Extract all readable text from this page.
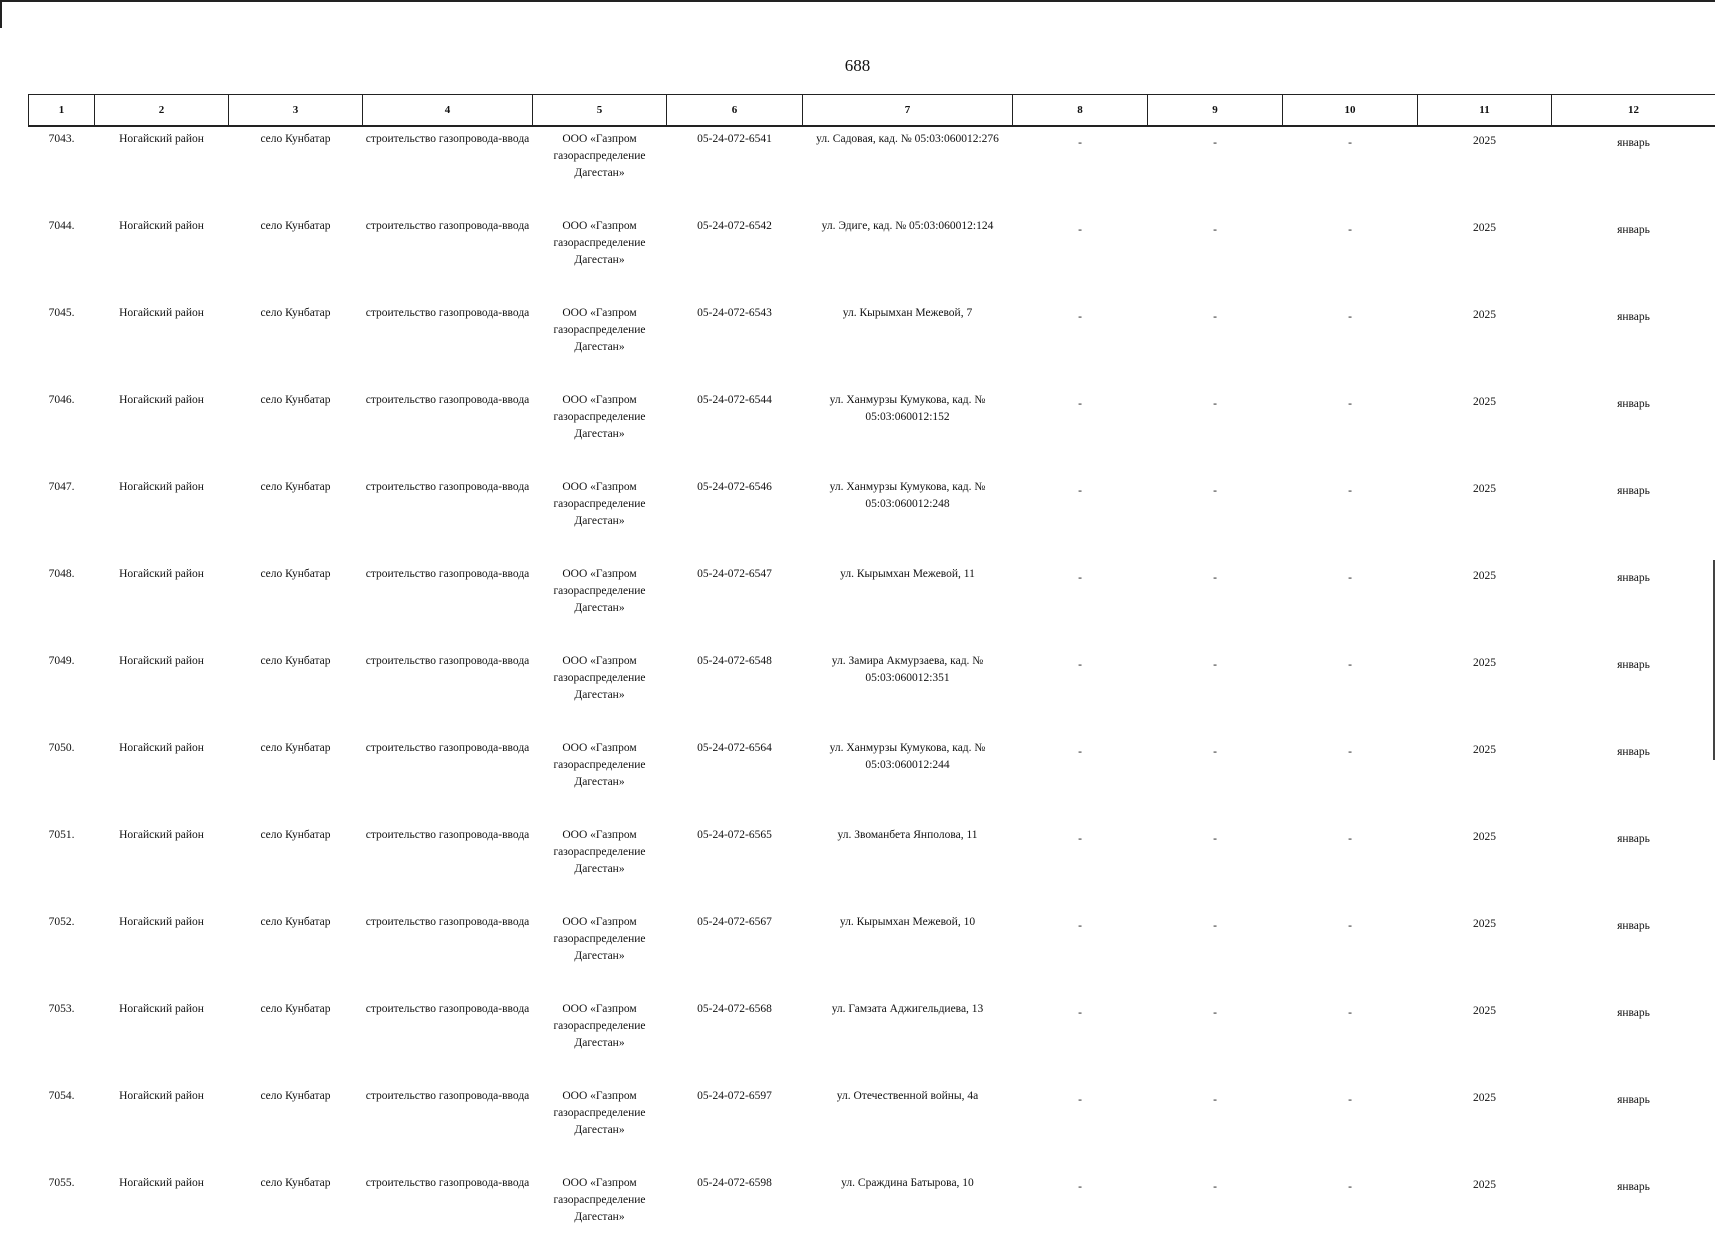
688
1	2	3	4	5	6	7	8	9	10	11	12
7043.	Ногайский район	село Кунбатар	строительство газопровода-ввода	ООО «Газпром газораспределение Дагестан»	05-24-072-6541	ул. Садовая, кад. № 05:03:060012:276	-	-	-	2025	январь
7044.	Ногайский район	село Кунбатар	строительство газопровода-ввода	ООО «Газпром газораспределение Дагестан»	05-24-072-6542	ул. Эдиге, кад. № 05:03:060012:124	-	-	-	2025	январь
7045.	Ногайский район	село Кунбатар	строительство газопровода-ввода	ООО «Газпром газораспределение Дагестан»	05-24-072-6543	ул. Кырымхан Межевой, 7	-	-	-	2025	январь
7046.	Ногайский район	село Кунбатар	строительство газопровода-ввода	ООО «Газпром газораспределение Дагестан»	05-24-072-6544	ул. Ханмурзы Кумукова, кад. № 05:03:060012:152	-	-	-	2025	январь
7047.	Ногайский район	село Кунбатар	строительство газопровода-ввода	ООО «Газпром газораспределение Дагестан»	05-24-072-6546	ул. Ханмурзы Кумукова, кад. № 05:03:060012:248	-	-	-	2025	январь
7048.	Ногайский район	село Кунбатар	строительство газопровода-ввода	ООО «Газпром газораспределение Дагестан»	05-24-072-6547	ул. Кырымхан Межевой, 11	-	-	-	2025	январь
7049.	Ногайский район	село Кунбатар	строительство газопровода-ввода	ООО «Газпром газораспределение Дагестан»	05-24-072-6548	ул. Замира Акмурзаева, кад. № 05:03:060012:351	-	-	-	2025	январь
7050.	Ногайский район	село Кунбатар	строительство газопровода-ввода	ООО «Газпром газораспределение Дагестан»	05-24-072-6564	ул. Ханмурзы Кумукова, кад. № 05:03:060012:244	-	-	-	2025	январь
7051.	Ногайский район	село Кунбатар	строительство газопровода-ввода	ООО «Газпром газораспределение Дагестан»	05-24-072-6565	ул. Звоманбета Янполова, 11	-	-	-	2025	январь
7052.	Ногайский район	село Кунбатар	строительство газопровода-ввода	ООО «Газпром газораспределение Дагестан»	05-24-072-6567	ул. Кырымхан Межевой, 10	-	-	-	2025	январь
7053.	Ногайский район	село Кунбатар	строительство газопровода-ввода	ООО «Газпром газораспределение Дагестан»	05-24-072-6568	ул. Гамзата Аджигельдиева, 13	-	-	-	2025	январь
7054.	Ногайский район	село Кунбатар	строительство газопровода-ввода	ООО «Газпром газораспределение Дагестан»	05-24-072-6597	ул. Отечественной войны, 4а	-	-	-	2025	январь
7055.	Ногайский район	село Кунбатар	строительство газопровода-ввода	ООО «Газпром газораспределение Дагестан»	05-24-072-6598	ул. Сраждина Батырова, 10	-	-	-	2025	январь
